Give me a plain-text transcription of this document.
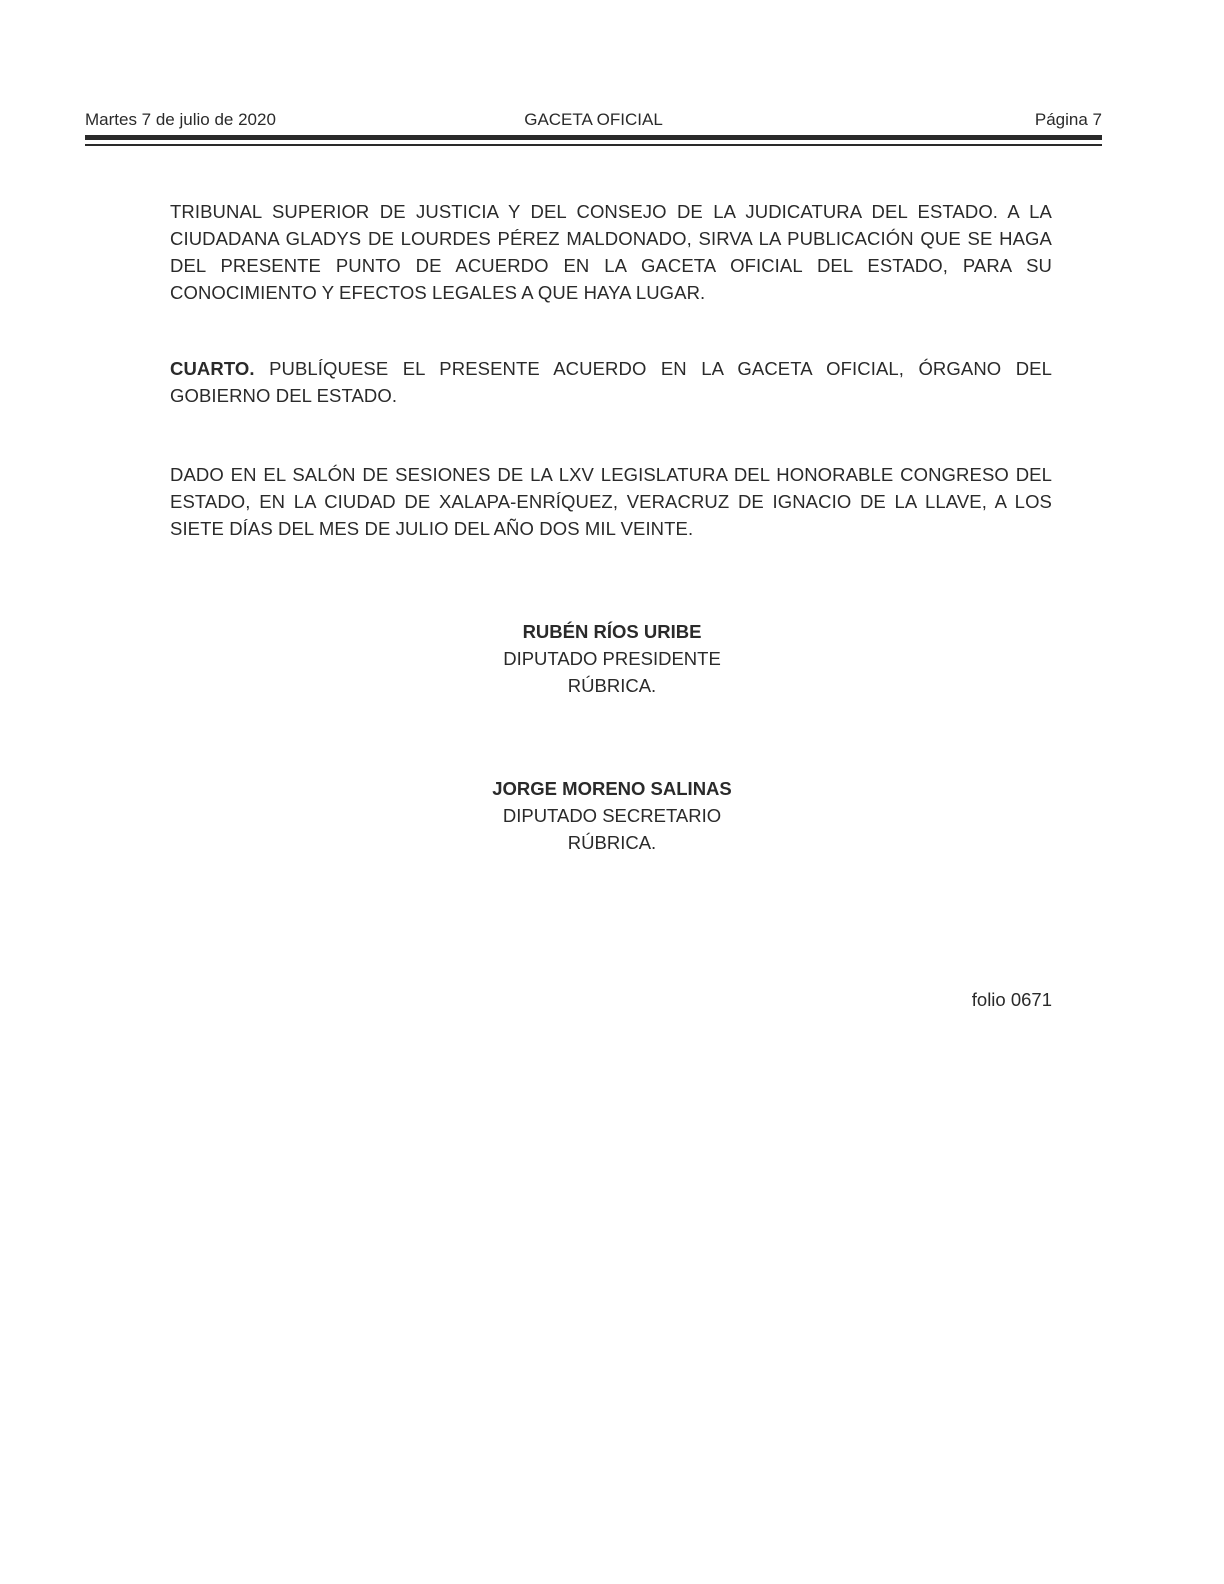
Martes 7 de julio de 2020	GACETA OFICIAL	Página 7

TRIBUNAL SUPERIOR DE JUSTICIA Y DEL CONSEJO DE LA JUDICATURA DEL ESTADO. A LA CIUDADANA GLADYS DE LOURDES PÉREZ MALDONADO, SIRVA LA PUBLICACIÓN QUE SE HAGA DEL PRESENTE PUNTO DE ACUERDO EN LA GACETA OFICIAL DEL ESTADO, PARA SU CONOCIMIENTO Y EFECTOS LEGALES A QUE HAYA LUGAR.

CUARTO. PUBLÍQUESE EL PRESENTE ACUERDO EN LA GACETA OFICIAL, ÓRGANO DEL GOBIERNO DEL ESTADO.

DADO EN EL SALÓN DE SESIONES DE LA LXV LEGISLATURA DEL HONORABLE CONGRESO DEL ESTADO, EN LA CIUDAD DE XALAPA-ENRÍQUEZ, VERACRUZ DE IGNACIO DE LA LLAVE, A LOS SIETE DÍAS DEL MES DE JULIO DEL AÑO DOS MIL VEINTE.

RUBÉN RÍOS URIBE
DIPUTADO PRESIDENTE
RÚBRICA.
JORGE MORENO SALINAS
DIPUTADO SECRETARIO
RÚBRICA.
folio 0671
